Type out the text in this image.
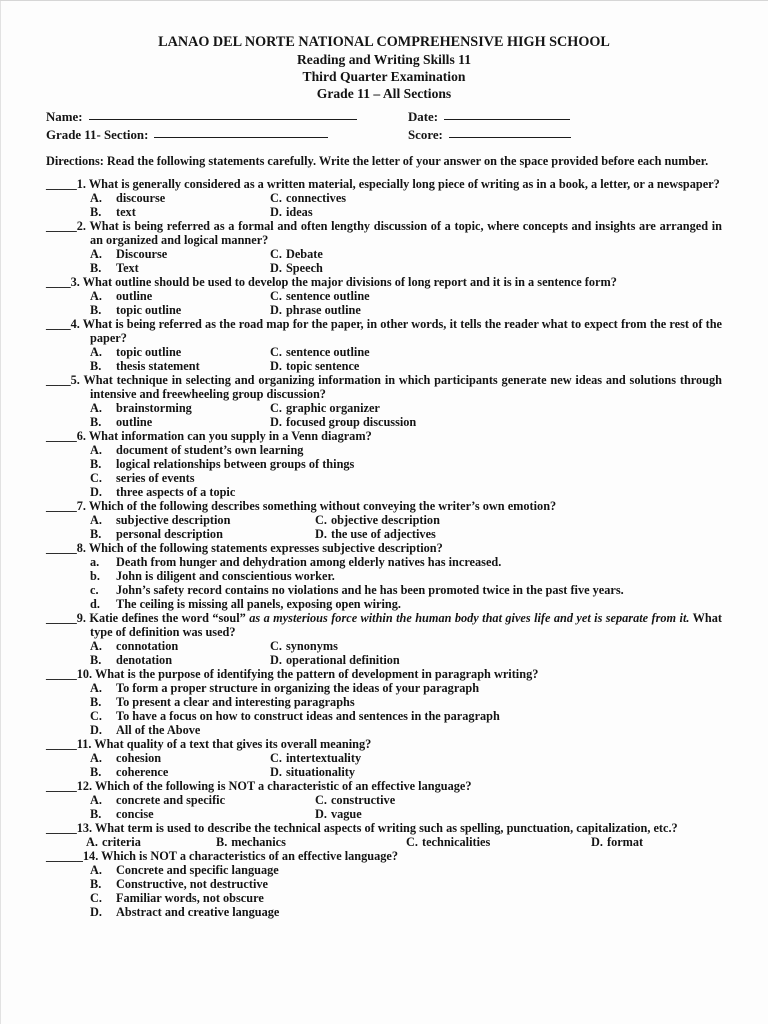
LANAO DEL NORTE NATIONAL COMPREHENSIVE HIGH SCHOOL
Reading and Writing Skills 11
Third Quarter Examination
Grade 11 – All Sections
Name:	Date:
Grade 11- Section:	Score:

Directions: Read the following statements carefully. Write the letter of your answer on the space provided before each number.

_____1. What is generally considered as a written material, especially long piece of writing as in a book, a letter, or a newspaper?

A. discourse	C. connectives
B. text	D. ideas

_____2. What is being referred as a formal and often lengthy discussion of a topic, where concepts and insights are arranged in an organized and logical manner?

A. Discourse	C. Debate
B. Text	D. Speech

____3. What outline should be used to develop the major divisions of long report and it is in a sentence form?

A. outline	C. sentence outline
B. topic outline	D. phrase outline

____4. What is being referred as the road map for the paper, in other words, it tells the reader what to expect from the rest of the paper?

A. topic outline	C. sentence outline
B. thesis statement	D. topic sentence

____5. What technique in selecting and organizing information in which participants generate new ideas and solutions through intensive and freewheeling group discussion?

A. brainstorming	C. graphic organizer
B. outline	D. focused group discussion

_____6. What information can you supply in a Venn diagram?

A. document of student’s own learning
B. logical relationships between groups of things
C. series of events
D. three aspects of a topic

_____7. Which of the following describes something without conveying the writer’s own emotion?

A. subjective description	C. objective description
B. personal description	D. the use of adjectives

_____8. Which of the following statements expresses subjective description?

a. Death from hunger and dehydration among elderly natives has increased.
b. John is diligent and conscientious worker.
c. John’s safety record contains no violations and he has been promoted twice in the past five years.
d. The ceiling is missing all panels, exposing open wiring.

_____9. Katie defines the word “soul” as a mysterious force within the human body that gives life and yet is separate from it. What type of definition was used?

A. connotation	C. synonyms
B. denotation	D. operational definition

_____10. What is the purpose of identifying the pattern of development in paragraph writing?

A. To form a proper structure in organizing the ideas of your paragraph
B. To present a clear and interesting paragraphs
C. To have a focus on how to construct ideas and sentences in the paragraph
D. All of the Above

_____11. What quality of a text that gives its overall meaning?

A. cohesion	C. intertextuality
B. coherence	D. situationality

_____12. Which of the following is NOT a characteristic of an effective language?

A. concrete and specific	C. constructive
B. concise	D. vague

_____13. What term is used to describe the technical aspects of writing such as spelling, punctuation, capitalization, etc.?

A. criteria	B. mechanics	C. technicalities	D. format

______14. Which is NOT a characteristics of an effective language?

A. Concrete and specific language
B. Constructive, not destructive
C. Familiar words, not obscure
D. Abstract and creative language
